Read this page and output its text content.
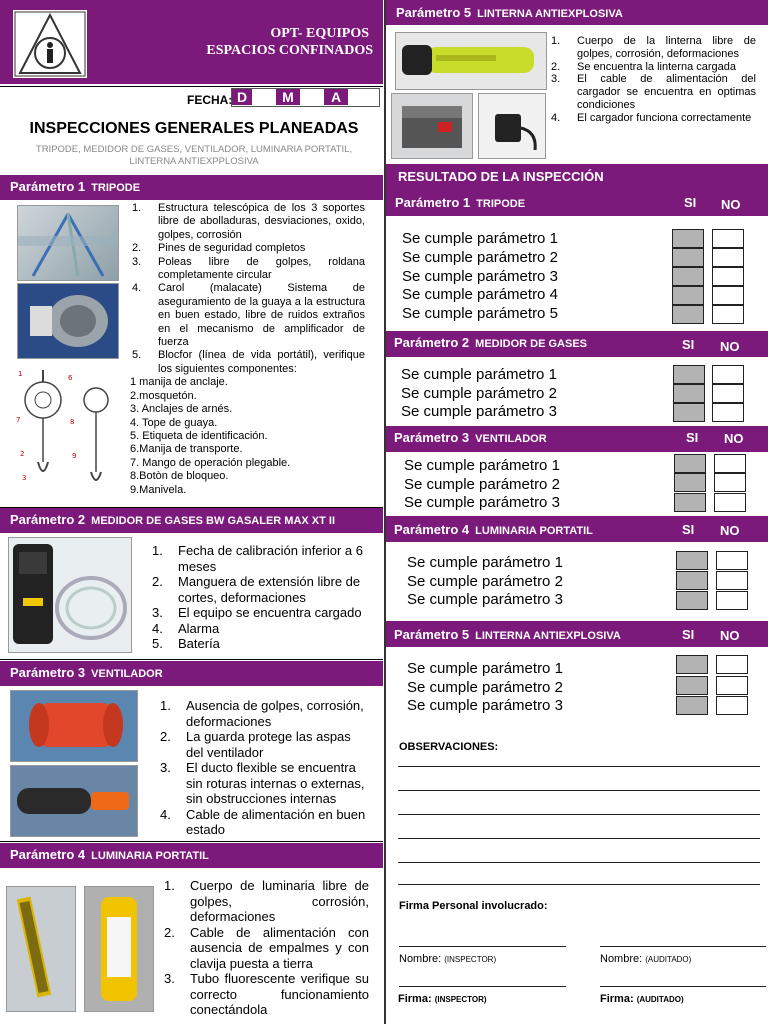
OPT- EQUIPOS
ESPACIOS CONFINADOS
FECHA: D	M	A
INSPECCIONES GENERALES PLANEADAS
TRIPODE, MEDIDOR DE GASES, VENTILADOR, LUMINARIA PORTATIL, LINTERNA ANTIEXPPLOSIVA
Parámetro 1 TRIPODE
1	6
7	8
2	9
3
1. Estructura telescópica de los 3 soportes libre de abolladuras, desviaciones, oxido, golpes, corrosión
2. Pines de seguridad completos
3. Poleas libre de golpes, roldana completamente circular
4. Carol (malacate) Sistema de aseguramiento de la guaya a la estructura en buen estado, libre de ruidos extraños en el mecanismo de amplificador de fuerza
5. Blocfor (línea de vida portátil), verifique los siguientes componentes:
1 manija de anclaje.
2.mosquetón.
3. Anclajes de arnés.
4. Tope de guaya.
5. Etiqueta de identificación.
6.Manija de transporte.
7. Mango de operación plegable.
8.Botòn de bloqueo.
9.Manivela.
Parámetro 2 MEDIDOR DE GASES BW GASALER MAX XT II
1. Fecha de calibración inferior a 6 meses
2. Manguera de extensión libre de cortes, deformaciones
3. El equipo se encuentra cargado
4. Alarma
5. Batería
Parámetro 3 VENTILADOR
1. Ausencia de golpes, corrosión, deformaciones
2. La guarda protege las aspas del ventilador
3. El ducto flexible se encuentra sin roturas internas o externas, sin obstrucciones internas
4. Cable de alimentación en buen estado
Parámetro 4 LUMINARIA PORTATIL
1. Cuerpo de luminaria libre de golpes, corrosión, deformaciones
2. Cable de alimentación con ausencia de empalmes y con clavija puesta a tierra
3. Tubo fluorescente verifique su correcto funcionamiento conectándola
Parámetro 5 LINTERNA ANTIEXPLOSIVA
1. Cuerpo de la linterna libre de golpes, corrosión, deformaciones
2. Se encuentra la linterna cargada
3. El cable de alimentación del cargador se encuentra en optimas condiciones
4. El cargador funciona correctamente
RESULTADO DE LA INSPECCIÓN
Parámetro 1 TRIPODE	SI NO
Se cumple parámetro 1
Se cumple parámetro 2
Se cumple parámetro 3
Se cumple parámetro 4
Se cumple parámetro 5
Parámetro 2 MEDIDOR DE GASES	SI NO
Se cumple parámetro 1
Se cumple parámetro 2
Se cumple parámetro 3
Parámetro 3 VENTILADOR	SI NO
Se cumple parámetro 1
Se cumple parámetro 2
Se cumple parámetro 3
Parámetro 4 LUMINARIA PORTATIL	SI NO
Se cumple parámetro 1
Se cumple parámetro 2
Se cumple parámetro 3
Parámetro 5 LINTERNA ANTIEXPLOSIVA	SI NO
Se cumple parámetro 1
Se cumple parámetro 2
Se cumple parámetro 3
OBSERVACIONES:
Firma Personal involucrado:
Nombre: (INSPECTOR)	Nombre: (AUDITADO)
Firma: (INSPECTOR)	Firma: (AUDITADO)
